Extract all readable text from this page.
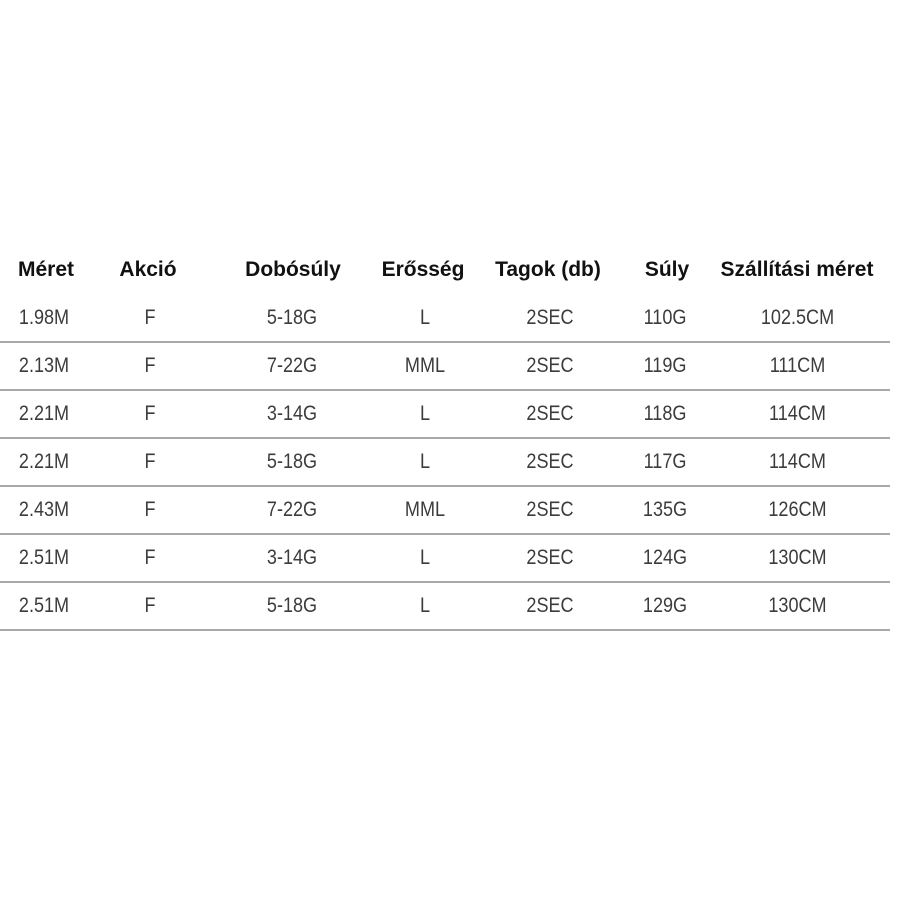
Méret	Akció	Dobósúly	Erősség	Tagok (db)	Súly	Szállítási méret
1.98M	F	5-18G	L	2SEC	110G	102.5CM
2.13M	F	7-22G	MML	2SEC	119G	111CM
2.21M	F	3-14G	L	2SEC	118G	114CM
2.21M	F	5-18G	L	2SEC	117G	114CM
2.43M	F	7-22G	MML	2SEC	135G	126CM
2.51M	F	3-14G	L	2SEC	124G	130CM
2.51M	F	5-18G	L	2SEC	129G	130CM
